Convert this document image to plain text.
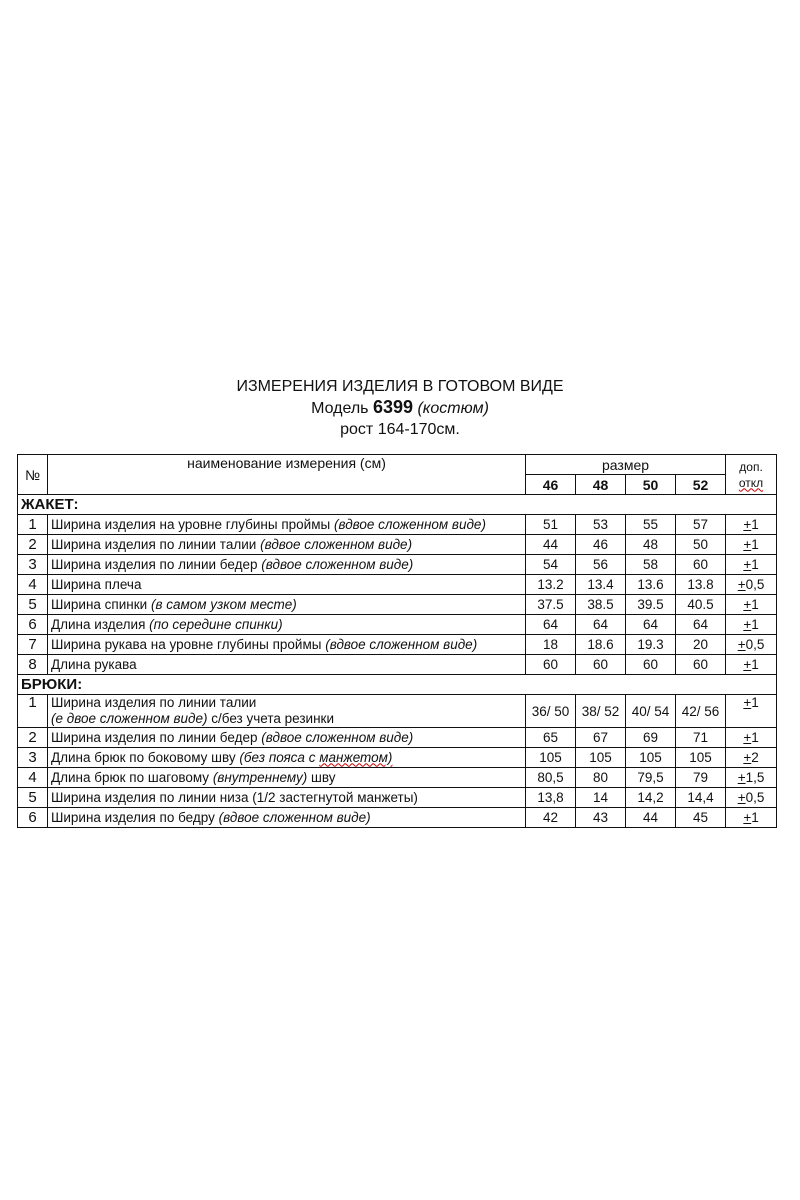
ИЗМЕРЕНИЯ ИЗДЕЛИЯ В ГОТОВОМ ВИДЕ
Модель 6399 (костюм)
рост 164-170см.
№	наименование измерения (см)	размер				доп.
откл

		46	48	50	52	
ЖАКЕТ:						
1	Ширина изделия на уровне глубины проймы (вдвое сложенном виде)	51	53	55	57	+1
2	Ширина изделия по линии талии (вдвое сложенном виде)	44	46	48	50	+1
3	Ширина изделия по линии бедер (вдвое сложенном виде)	54	56	58	60	+1
4	Ширина плеча	13.2	13.4	13.6	13.8	+0,5
5	Ширина спинки (в самом узком месте)	37.5	38.5	39.5	40.5	+1
6	Длина изделия (по середине спинки)	64	64	64	64	+1
7	Ширина рукава на уровне глубины проймы (вдвое сложенном виде)	18	18.6	19.3	20	+0,5
8	Длина рукава	60	60	60	60	+1
БРЮКИ:						
1	Ширина изделия по линии талии
(е двое сложенном виде) с/без учета резинки	36/ 50	38/ 52	40/ 54	42/ 56	+1
2	Ширина изделия по линии бедер (вдвое сложенном виде)	65	67	69	71	+1
3	Длина брюк по боковому шву (без пояса с манжетом)	105	105	105	105	+2
4	Длина брюк по шаговому (внутреннему) шву	80,5	80	79,5	79	+1,5
5	Ширина изделия по линии низа (1/2 застегнутой манжеты)	13,8	14	14,2	14,4	+0,5
6	Ширина изделия по бедру (вдвое сложенном виде)	42	43	44	45	+1
